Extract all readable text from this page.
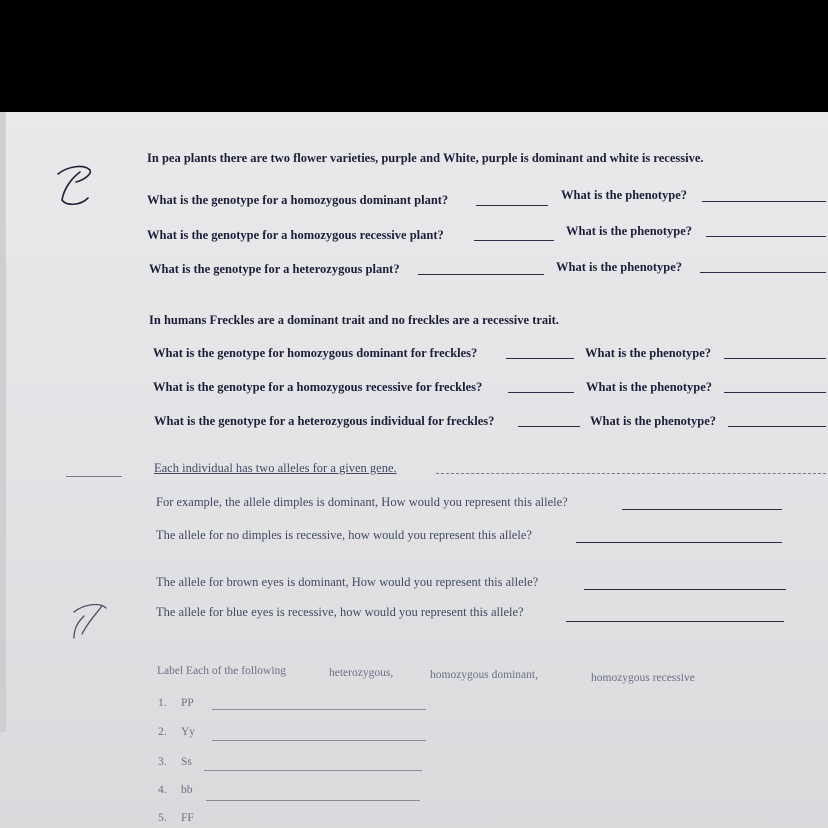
In pea plants there are two flower varieties, purple and White, purple is dominant and white is recessive.
What is the genotype for a homozygous dominant plant?	What is the phenotype?
What is the genotype for a homozygous recessive plant?	What is the phenotype?
What is the genotype for a heterozygous plant?	What is the phenotype?
In humans Freckles are a dominant trait and no freckles are a recessive trait.
What is the genotype for homozygous dominant for freckles?	What is the phenotype?
What is the genotype for a homozygous recessive for freckles?	What is the phenotype?
What is the genotype for a heterozygous individual for freckles?	What is the phenotype?
Each individual has two alleles for a given gene.
For example, the allele dimples is dominant, How would you represent this allele?
The allele for no dimples is recessive, how would you represent this allele?
The allele for brown eyes is dominant, How would you represent this allele?
The allele for blue eyes is recessive, how would you represent this allele?
Label Each of the following	heterozygous,	homozygous dominant,	homozygous recessive
1. PP
2. Yy
3. Ss
4. bb
5. FF
